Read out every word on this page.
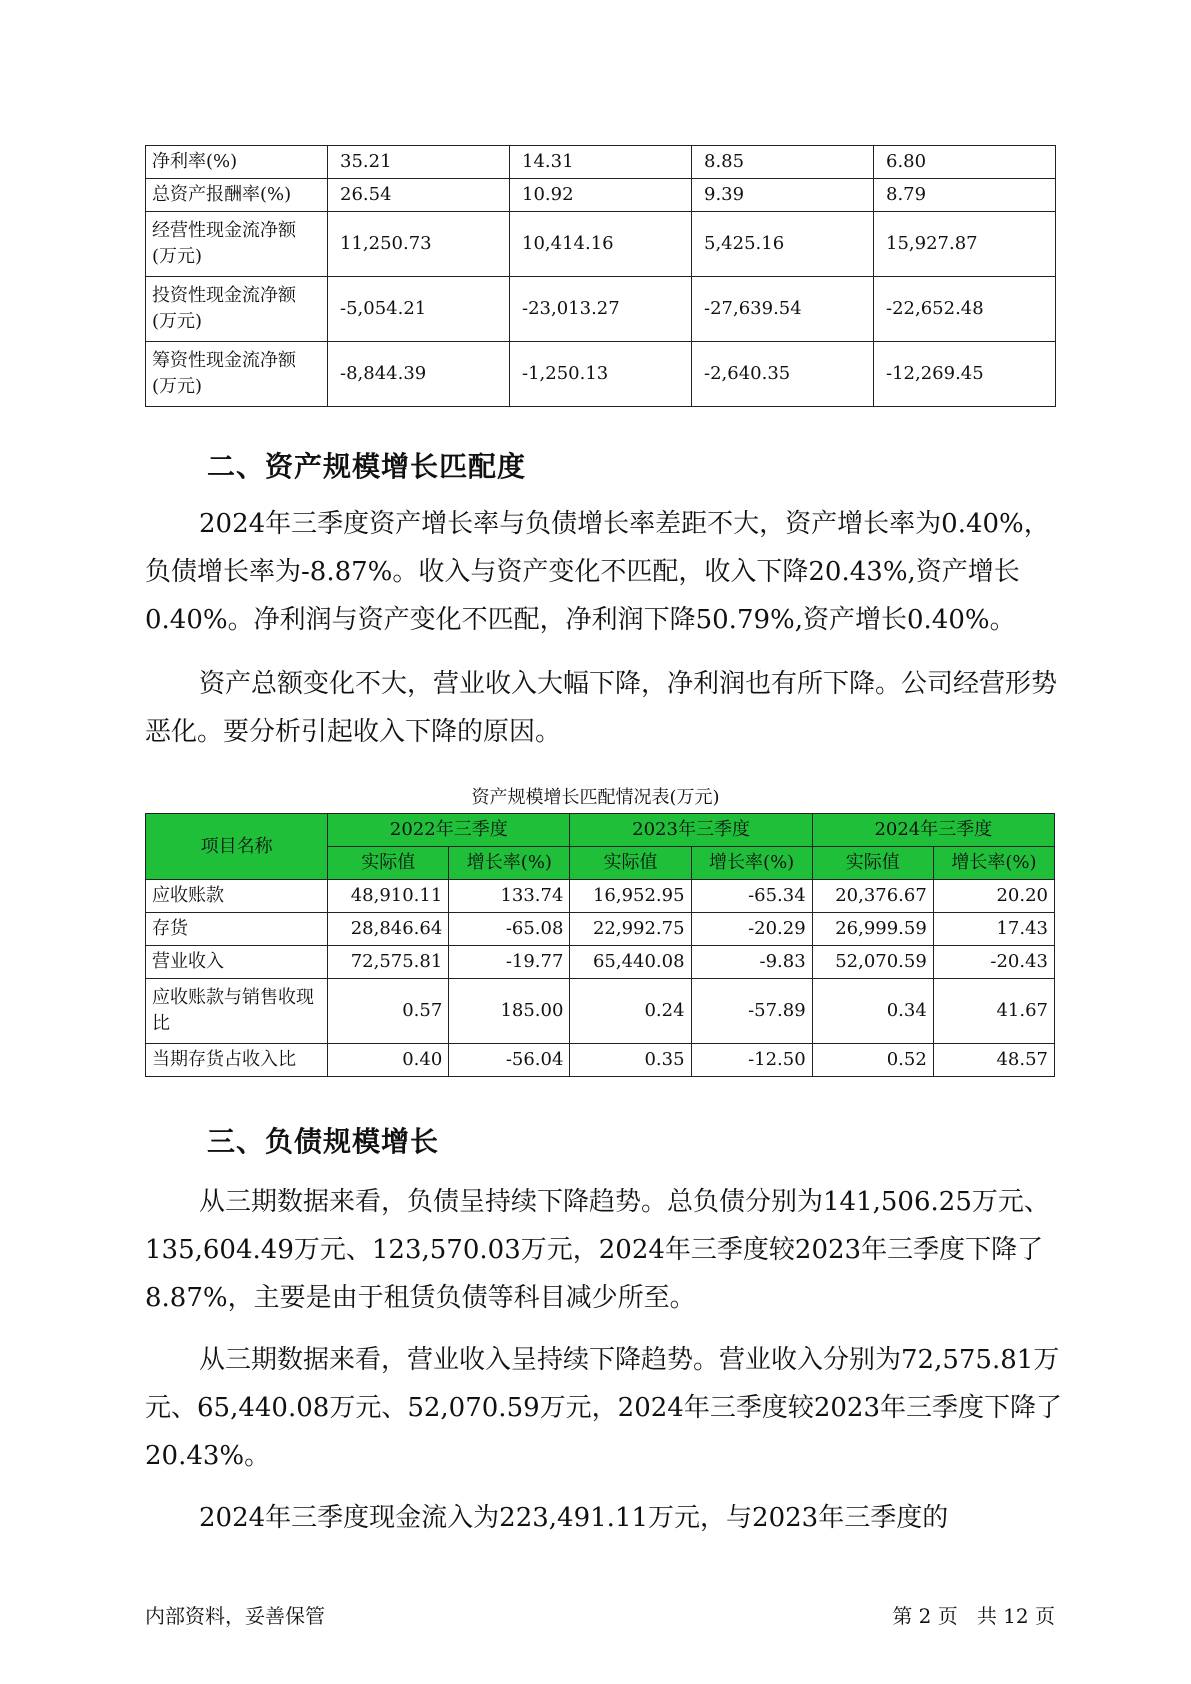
净利率(%)	35.21	14.31	8.85	6.80
总资产报酬率(%)	26.54	10.92	9.39	8.79
经营性现金流净额(万元)	11,250.73	10,414.16	5,425.16	15,927.87
投资性现金流净额(万元)	-5,054.21	-23,013.27	-27,639.54	-22,652.48
筹资性现金流净额(万元)	-8,844.39	-1,250.13	-2,640.35	-12,269.45
二、资产规模增长匹配度
2024年三季度资产增长率与负债增长率差距不大，资产增长率为0.40%，负债增长率为-8.87%。收入与资产变化不匹配，收入下降20.43%,资产增长0.40%。净利润与资产变化不匹配，净利润下降50.79%,资产增长0.40%。
资产总额变化不大，营业收入大幅下降，净利润也有所下降。公司经营形势恶化。要分析引起收入下降的原因。
资产规模增长匹配情况表(万元)
项目名称	2022年三季度		2023年三季度		2024年三季度	
	实际值	增长率(%)	实际值	增长率(%)	实际值	增长率(%)
应收账款	48,910.11	133.74	16,952.95	-65.34	20,376.67	20.20
存货	28,846.64	-65.08	22,992.75	-20.29	26,999.59	17.43
营业收入	72,575.81	-19.77	65,440.08	-9.83	52,070.59	-20.43
应收账款与销售收现比	0.57	185.00	0.24	-57.89	0.34	41.67
当期存货占收入比	0.40	-56.04	0.35	-12.50	0.52	48.57
三、负债规模增长
从三期数据来看，负债呈持续下降趋势。总负债分别为141,506.25万元、135,604.49万元、123,570.03万元，2024年三季度较2023年三季度下降了8.87%，主要是由于租赁负债等科目减少所至。
从三期数据来看，营业收入呈持续下降趋势。营业收入分别为72,575.81万元、65,440.08万元、52,070.59万元，2024年三季度较2023年三季度下降了20.43%。
2024年三季度现金流入为223,491.11万元，与2023年三季度的
内部资料，妥善保管	第 2 页   共 12 页
